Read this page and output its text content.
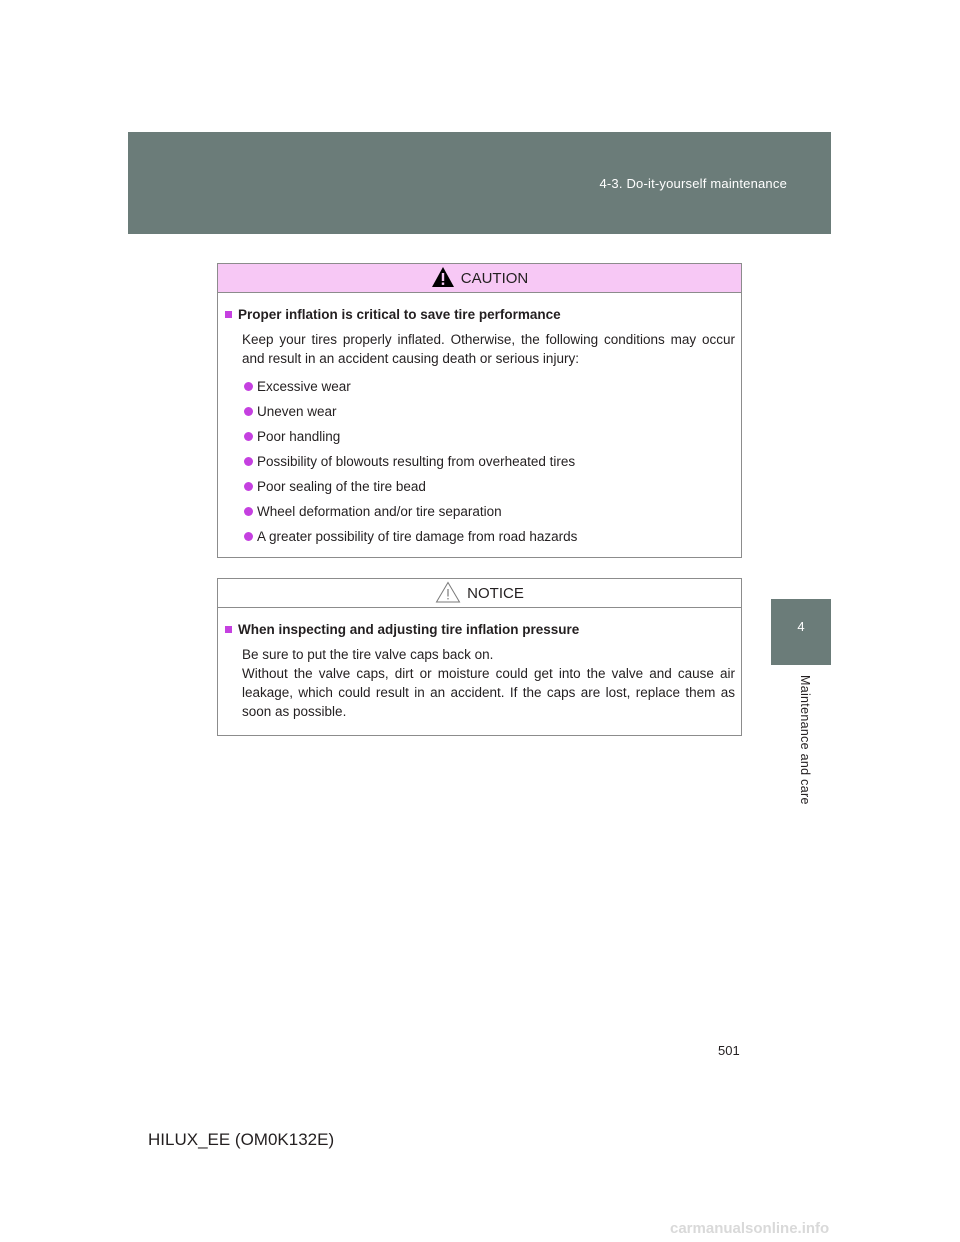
4-3. Do-it-yourself maintenance
4
Maintenance and care
CAUTION
Proper inflation is critical to save tire performance
Keep your tires properly inflated. Otherwise, the following conditions may occur and result in an accident causing death or serious injury:
Excessive wear
Uneven wear
Poor handling
Possibility of blowouts resulting from overheated tires
Poor sealing of the tire bead
Wheel deformation and/or tire separation
A greater possibility of tire damage from road hazards
NOTICE
When inspecting and adjusting tire inflation pressure
Be sure to put the tire valve caps back on.
Without the valve caps, dirt or moisture could get into the valve and cause air leakage, which could result in an accident. If the caps are lost, replace them as soon as possible.
501
HILUX_EE (OM0K132E)
carmanualsonline.info
